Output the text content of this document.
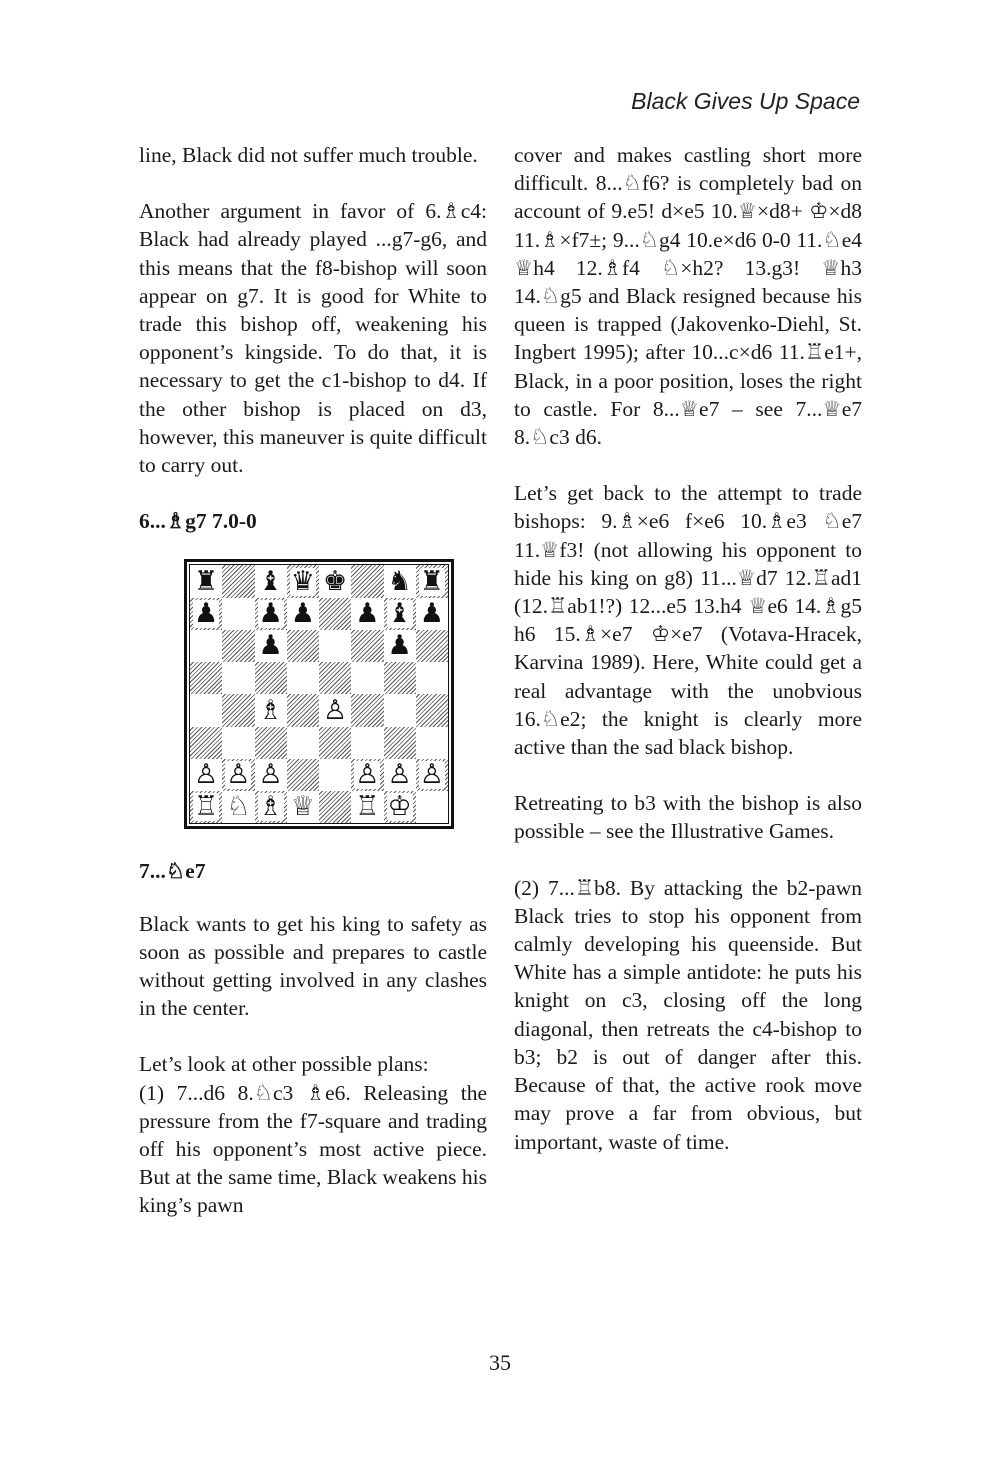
Black Gives Up Space

line, Black did not suffer much trouble.

Another argument in favor of 6.♗c4: Black had already played ...g7-g6, and this means that the f8-bishop will soon appear on g7. It is good for White to trade this bishop off, weakening his opponent’s kingside. To do that, it is necessary to get the c1-bishop to d4. If the other bishop is placed on d3, however, this maneuver is quite difficult to carry out.

6...♗g7 7.0-0
♜ ♝ ♛ ♚ ♞ ♜
♟ ♟ ♟ ♟ ♝ ♟
♟	♟
♗ ♙
♙ ♙ ♙	♙ ♙ ♙
♖ ♘ ♗ ♕ ♖ ♔
7...♘e7

Black wants to get his king to safety as soon as possible and prepares to castle without getting involved in any clashes in the center.

Let’s look at other possible plans:

(1) 7...d6 8.♘c3 ♗e6. Releasing the pressure from the f7-square and trading off his opponent’s most active piece. But at the same time, Black weakens his king’s pawn

cover and makes castling short more difficult. 8...♘f6? is completely bad on account of 9.e5! d×e5 10.♕×d8+ ♔×d8 11.♗×f7±; 9...♘g4 10.e×d6 0-0 11.♘e4 ♕h4 12.♗f4 ♘×h2? 13.g3! ♕h3 14.♘g5 and Black resigned because his queen is trapped (Jakovenko-Diehl, St. Ingbert 1995); after 10...c×d6 11.♖e1+, Black, in a poor position, loses the right to castle. For 8...♕e7 – see 7...♕e7 8.♘c3 d6.

Let’s get back to the attempt to trade bishops: 9.♗×e6 f×e6 10.♗e3 ♘e7 11.♕f3! (not allowing his opponent to hide his king on g8) 11...♕d7 12.♖ad1 (12.♖ab1!?) 12...e5 13.h4 ♕e6 14.♗g5 h6 15.♗×e7 ♔×e7 (Votava-Hracek, Karvina 1989). Here, White could get a real advantage with the unobvious 16.♘e2; the knight is clearly more active than the sad black bishop.

Retreating to b3 with the bishop is also possible – see the Illustrative Games.

(2) 7...♖b8. By attacking the b2-pawn Black tries to stop his opponent from calmly developing his queenside. But White has a simple antidote: he puts his knight on c3, closing off the long diagonal, then retreats the c4-bishop to b3; b2 is out of danger after this. Because of that, the active rook move may prove a far from obvious, but important, waste of time.

35
